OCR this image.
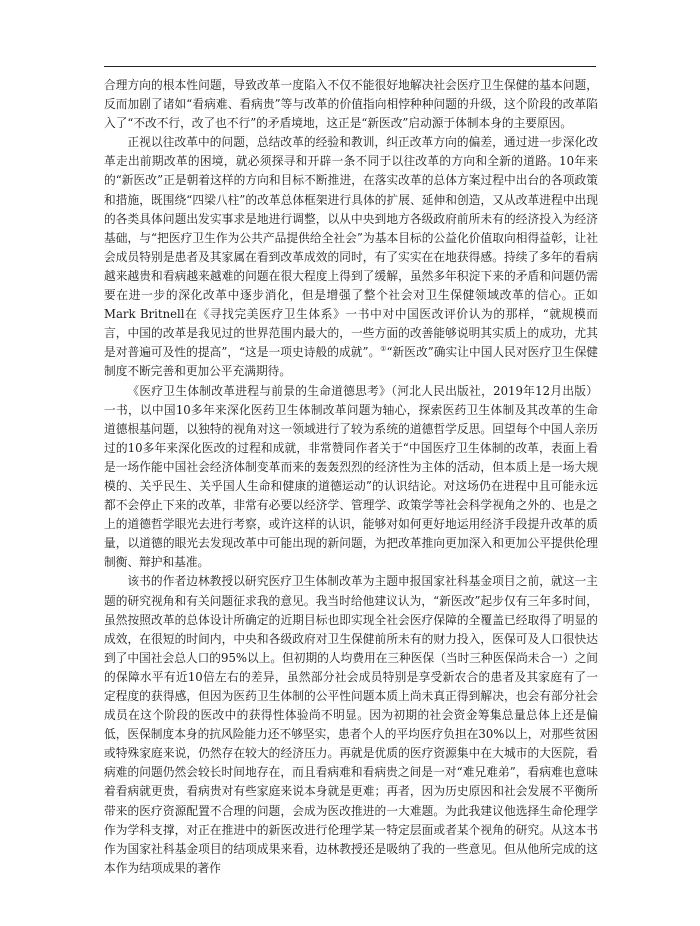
合理方向的根本性问题，导致改革一度陷入不仅不能很好地解决社会医疗卫生保健的基本问题，反而加剧了诸如“看病难、看病贵”等与改革的价值指向相悖种种问题的升级，这个阶段的改革陷入了“不改不行，改了也不行”的矛盾境地，这正是“新医改”启动源于体制本身的主要原因。

正视以往改革中的问题，总结改革的经验和教训，纠正改革方向的偏差，通过进一步深化改革走出前期改革的困境，就必须探寻和开辟一条不同于以往改革的方向和全新的道路。10年来的“新医改”正是朝着这样的方向和目标不断推进，在落实改革的总体方案过程中出台的各项政策和措施，既围绕“四梁八柱”的改革总体框架进行具体的扩展、延伸和创造，又从改革进程中出现的各类具体问题出发实事求是地进行调整，以从中央到地方各级政府前所未有的经济投入为经济基础，与“把医疗卫生作为公共产品提供给全社会”为基本目标的公益化价值取向相得益彰，让社会成员特别是患者及其家属在看到改革成效的同时，有了实实在在地获得感。持续了多年的看病越来越贵和看病越来越难的问题在很大程度上得到了缓解，虽然多年积淀下来的矛盾和问题仍需要在进一步的深化改革中逐步消化，但是增强了整个社会对卫生保健领域改革的信心。正如Mark Britnell在《寻找完美医疗卫生体系》一书中对中国医改评价认为的那样，“就规模而言，中国的改革是我见过的世界范围内最大的，一些方面的改善能够说明其实质上的成功，尤其是对普遍可及性的提高”，“这是一项史诗般的成就”。①“新医改”确实让中国人民对医疗卫生保健制度不断完善和更加公平充满期待。

《医疗卫生体制改革进程与前景的生命道德思考》（河北人民出版社，2019年12月出版）一书，以中国10多年来深化医药卫生体制改革问题为轴心，探索医药卫生体制及其改革的生命道德根基问题，以独特的视角对这一领域进行了较为系统的道德哲学反思。回望每个中国人亲历过的10多年来深化医改的过程和成就，非常赞同作者关于“中国医疗卫生体制的改革，表面上看是一场作能中国社会经济体制变革而来的轰轰烈烈的经济性为主体的活动，但本质上是一场大规模的、关乎民生、关乎国人生命和健康的道德运动”的认识结论。对这场仍在进程中且可能永远都不会停止下来的改革，非常有必要以经济学、管理学、政策学等社会科学视角之外的、也是之上的道德哲学眼光去进行考察，或许这样的认识，能够对如何更好地运用经济手段提升改革的质量，以道德的眼光去发现改革中可能出现的新问题，为把改革推向更加深入和更加公平提供伦理制衡、辩护和基准。

该书的作者边林教授以研究医疗卫生体制改革为主题申报国家社科基金项目之前，就这一主题的研究视角和有关问题征求我的意见。我当时给他建议认为，“新医改”起步仅有三年多时间，虽然按照改革的总体设计所确定的近期目标也即实现全社会医疗保障的全覆盖已经取得了明显的成效，在很短的时间内，中央和各级政府对卫生保健前所未有的财力投入，医保可及人口很快达到了中国社会总人口的95%以上。但初期的人均费用在三种医保（当时三种医保尚未合一）之间的保障水平有近10倍左右的差异，虽然部分社会成员特别是享受新农合的患者及其家庭有了一定程度的获得感，但因为医药卫生体制的公平性问题本质上尚未真正得到解决，也会有部分社会成员在这个阶段的医改中的获得性体验尚不明显。因为初期的社会资金筹集总量总体上还是偏低，医保制度本身的抗风险能力还不够坚实，患者个人的平均医疗负担在30%以上，对那些贫困或特殊家庭来说，仍然存在较大的经济压力。再就是优质的医疗资源集中在大城市的大医院，看病难的问题仍然会较长时间地存在，而且看病难和看病贵之间是一对“难兄难弟”，看病难也意味着看病就更贵，看病贵对有些家庭来说本身就是更难；再者，因为历史原因和社会发展不平衡所带来的医疗资源配置不合理的问题，会成为医改推进的一大难题。为此我建议他选择生命伦理学作为学科支撑，对正在推进中的新医改进行伦理学某一特定层面或者某个视角的研究。从这本书作为国家社科基金项目的结项成果来看，边林教授还是吸纳了我的一些意见。但从他所完成的这本作为结项成果的著作
